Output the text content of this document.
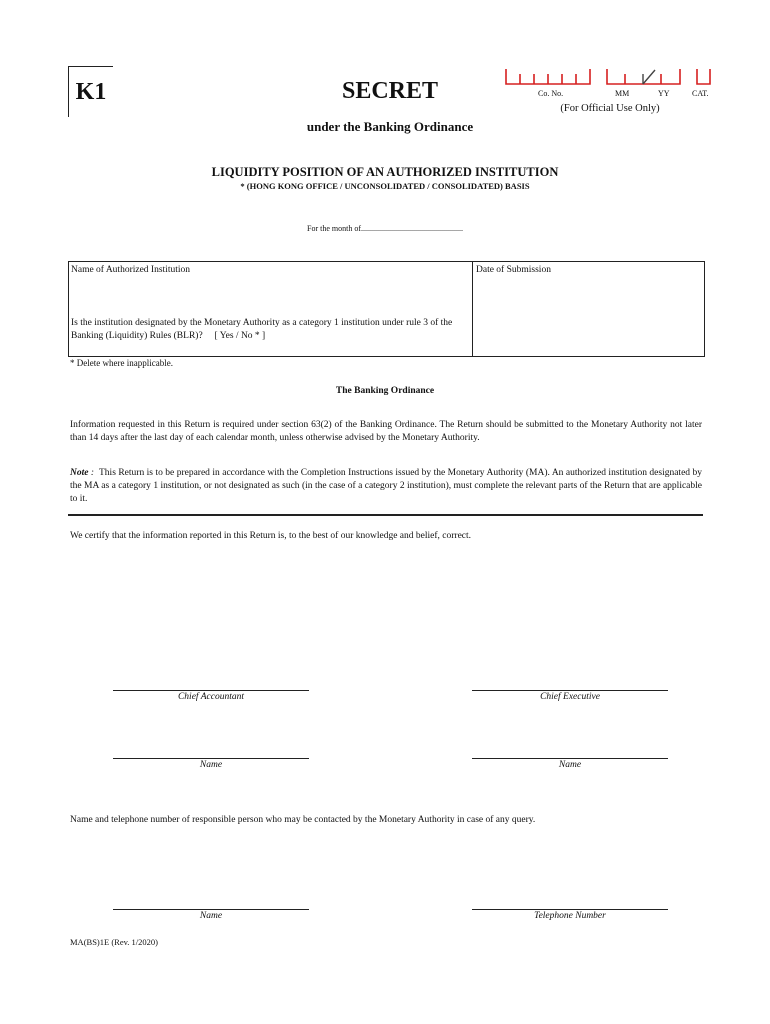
K1	SECRET
under the Banking Ordinance
Co. No.	MM	YY	CAT.
(For Official Use Only)
LIQUIDITY POSITION OF AN AUTHORIZED INSTITUTION
* (HONG KONG OFFICE / UNCONSOLIDATED / CONSOLIDATED) BASIS
For the month of...................................................
Name of Authorized Institution	Date of Submission
Is the institution designated by the Monetary Authority as a category 1 institution under rule 3 of the Banking (Liquidity) Rules (BLR)? [ Yes / No * ]
* Delete where inapplicable.
The Banking Ordinance
Information requested in this Return is required under section 63(2) of the Banking Ordinance. The Return should be submitted to the Monetary Authority not later than 14 days after the last day of each calendar month, unless otherwise advised by the Monetary Authority.
Note :  This Return is to be prepared in accordance with the Completion Instructions issued by the Monetary Authority (MA). An authorized institution designated by the MA as a category 1 institution, or not designated as such (in the case of a category 2 institution), must complete the relevant parts of the Return that are applicable to it.
We certify that the information reported in this Return is, to the best of our knowledge and belief, correct.
Chief Accountant	Chief Executive
Name	Name
Name and telephone number of responsible person who may be contacted by the Monetary Authority in case of any query.
Name	Telephone Number
MA(BS)1E (Rev. 1/2020)
